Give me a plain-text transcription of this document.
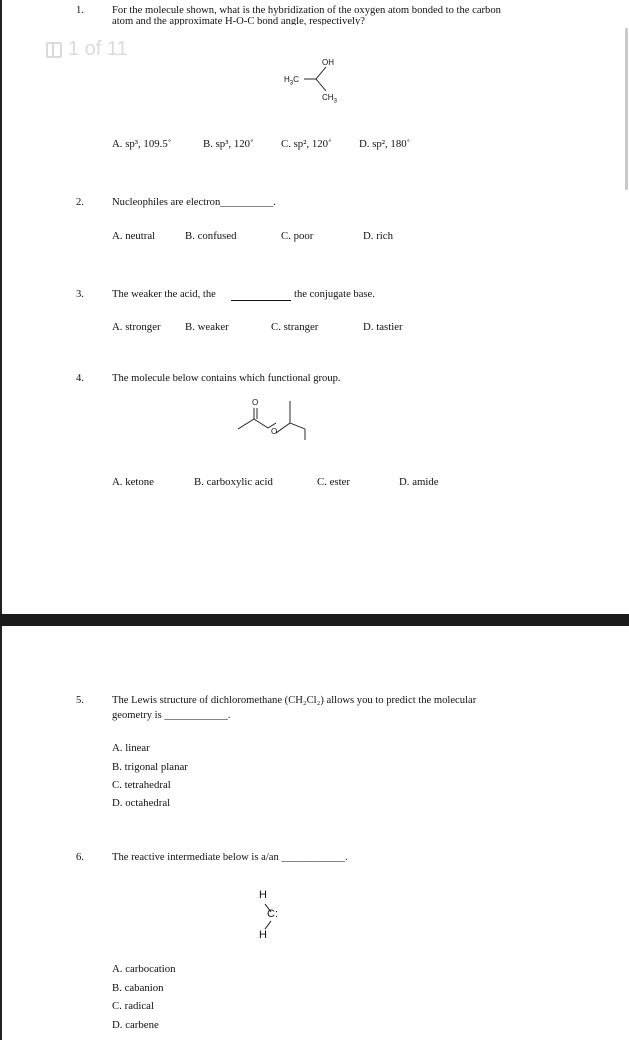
1.	For the molecule shown, what is the hybridization of the oxygen atom bonded to the carbon
atom and the approximate H-O-C bond angle, respectively?
1 of 11
$H_3C$
OH
$CH_3$
A. sp³, 109.5˚	B. sp³, 120˚	C. sp², 120˚	D. sp², 180˚
2.	Nucleophiles are electron__________.
A. neutral	B. confused	C. poor	D. rich
3.	The weaker the acid, the	the conjugate base.
A. stronger B. weaker	C. stranger	D. tastier
4.	The molecule below contains which functional group.
O
O
A. ketone	B. carboxylic acid	C. ester	D. amide
5.	The Lewis structure of dichloromethane (CH₂Cl₂) allows you to predict the molecular
geometry is ____________.
A. linear
B. trigonal planar
C. tetrahedral
D. octahedral
6.	The reactive intermediate below is a/an ____________.
H
C:
H
A. carbocation
B. cabanion
C. radical
D. carbene
